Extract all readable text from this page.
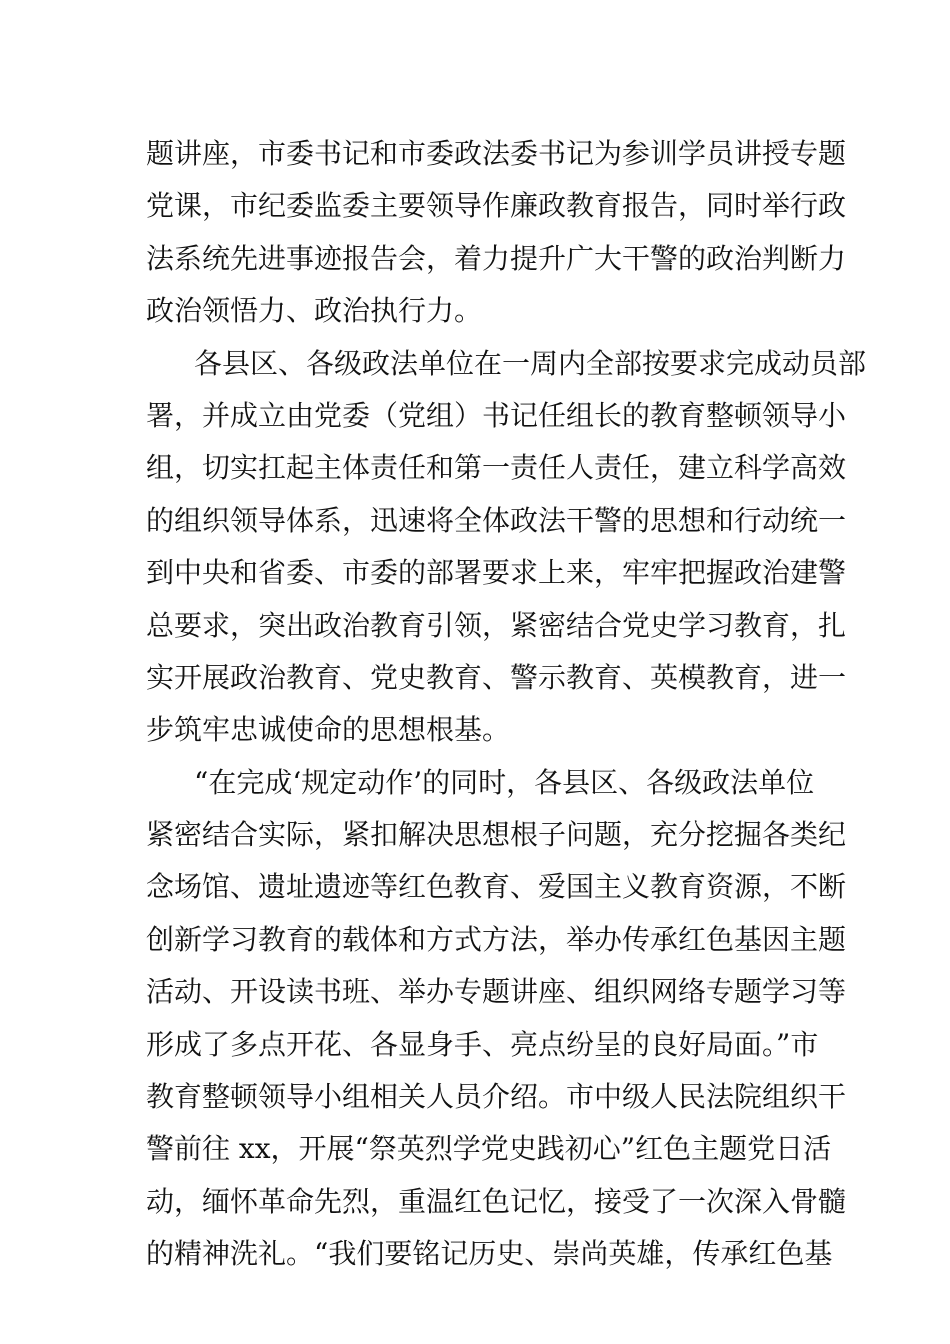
题讲座，市委书记和市委政法委书记为参训学员讲授专题
党课，市纪委监委主要领导作廉政教育报告，同时举行政
法系统先进事迹报告会，着力提升广大干警的政治判断力
政治领悟力、政治执行力。
各县区、各级政法单位在一周内全部按要求完成动员部
署，并成立由党委（党组）书记任组长的教育整顿领导小
组，切实扛起主体责任和第一责任人责任，建立科学高效
的组织领导体系，迅速将全体政法干警的思想和行动统一
到中央和省委、市委的部署要求上来，牢牢把握政治建警
总要求，突出政治教育引领，紧密结合党史学习教育，扎
实开展政治教育、党史教育、警示教育、英模教育，进一
步筑牢忠诚使命的思想根基。
“在完成‘规定动作’的同时，各县区、各级政法单位
紧密结合实际，紧扣解决思想根子问题，充分挖掘各类纪
念场馆、遗址遗迹等红色教育、爱国主义教育资源，不断
创新学习教育的载体和方式方法，举办传承红色基因主题
活动、开设读书班、举办专题讲座、组织网络专题学习等
形成了多点开花、各显身手、亮点纷呈的良好局面。”市
教育整顿领导小组相关人员介绍。市中级人民法院组织干
警前往 xx，开展“祭英烈学党史践初心”红色主题党日活
动，缅怀革命先烈，重温红色记忆，接受了一次深入骨髓
的精神洗礼。“我们要铭记历史、崇尚英雄，传承红色基
